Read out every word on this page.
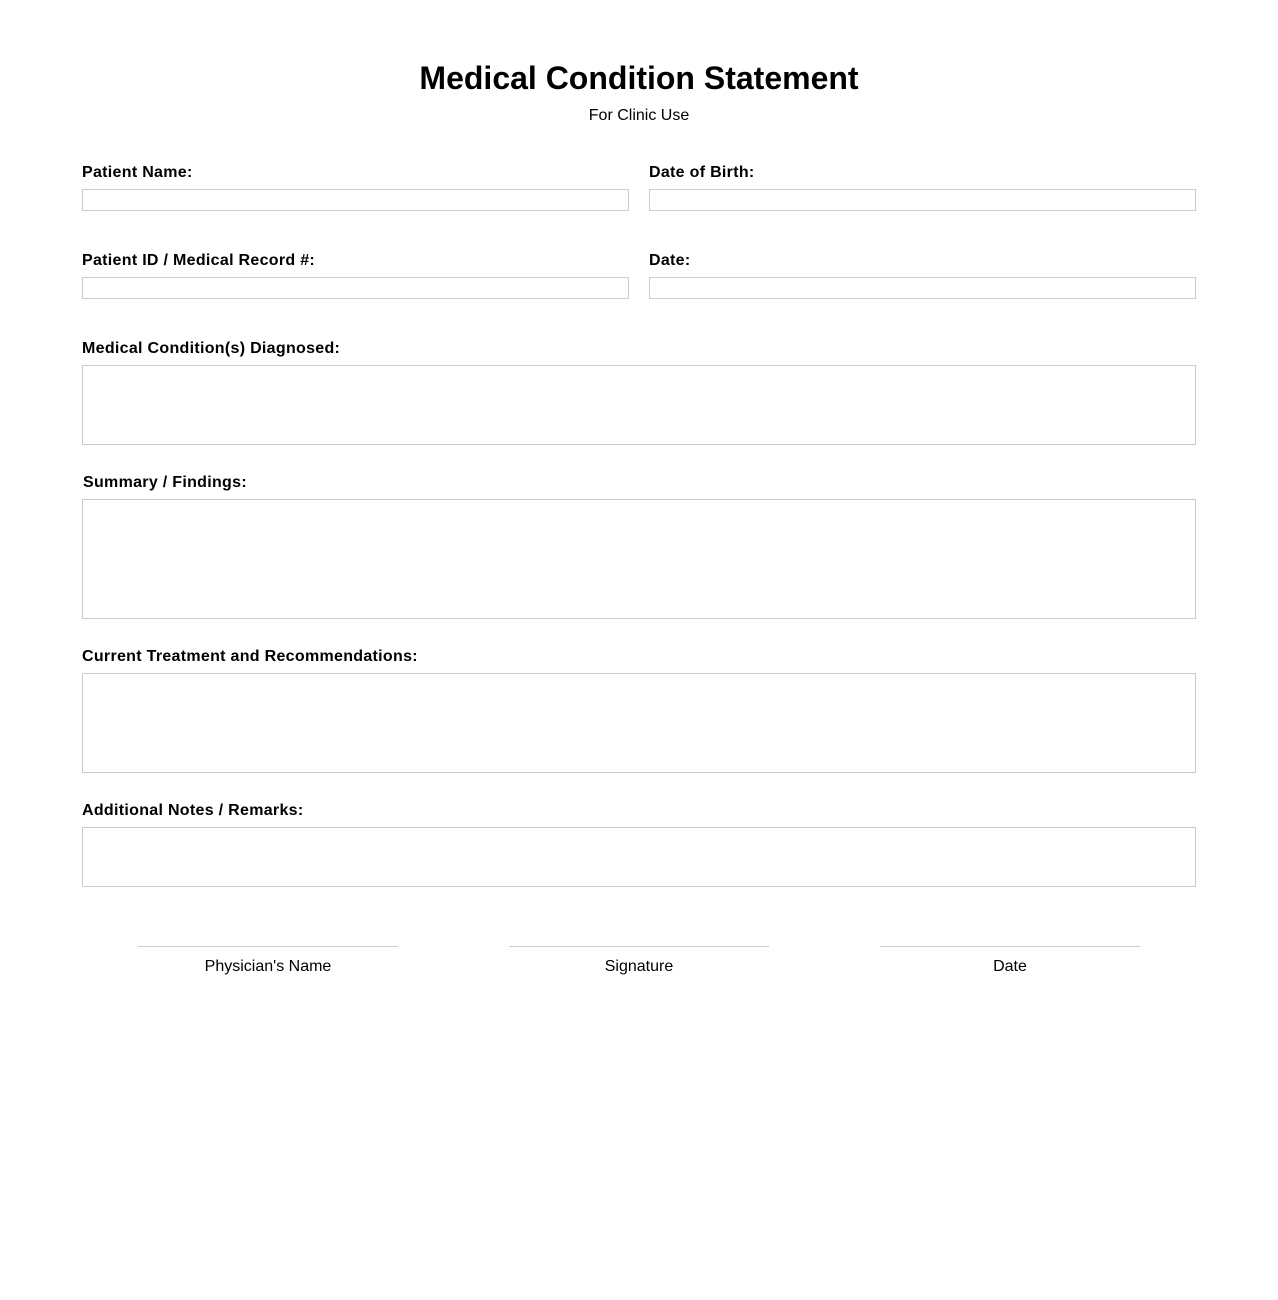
Medical Condition Statement
For Clinic Use
Patient Name:	Date of Birth:
Patient ID / Medical Record #:	Date:
Medical Condition(s) Diagnosed:
Summary / Findings:
Current Treatment and Recommendations:
Additional Notes / Remarks:
Physician's Name	Signature	Date
